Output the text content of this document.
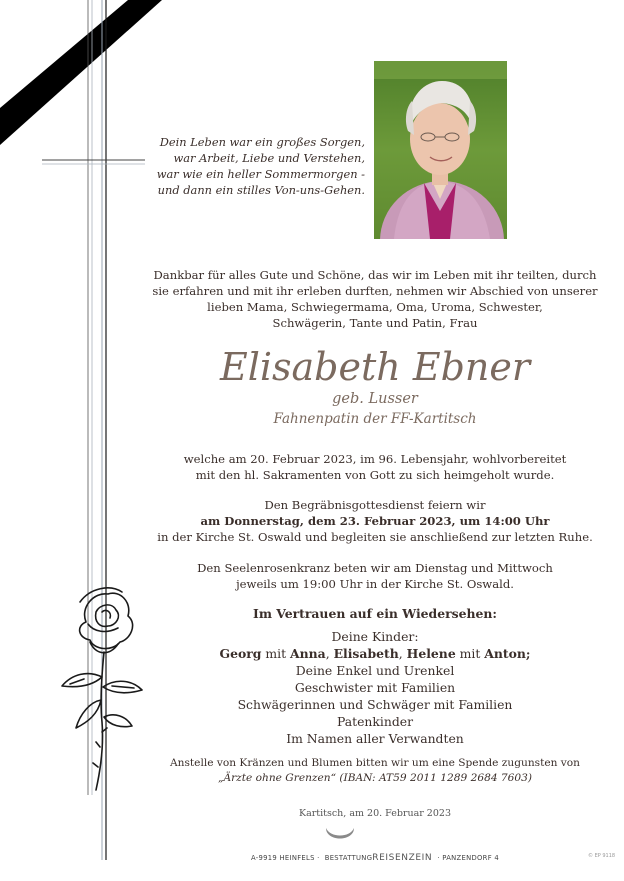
Dein Leben war ein großes Sorgen,
war Arbeit, Liebe und Verstehen,
war wie ein heller Sommermorgen -
und dann ein stilles Von-uns-Gehen.
Dankbar für alles Gute und Schöne, das wir im Leben mit ihr teilten, durch
sie erfahren und mit ihr erleben durften, nehmen wir Abschied von unserer
lieben Mama, Schwiegermama, Oma, Uroma, Schwester,
Schwägerin, Tante und Patin, Frau
Elisabeth Ebner
geb. Lusser
Fahnenpatin der FF-Kartitsch
welche am 20. Februar 2023, im 96. Lebensjahr, wohlvorbereitet
mit den hl. Sakramenten von Gott zu sich heimgeholt wurde.
Den Begräbnisgottesdienst feiern wir
am Donnerstag, dem 23. Februar 2023, um 14:00 Uhr
in der Kirche St. Oswald und begleiten sie anschließend zur letzten Ruhe.
Den Seelenrosenkranz beten wir am Dienstag und Mittwoch
jeweils um 19:00 Uhr in der Kirche St. Oswald.
Im Vertrauen auf ein Wiedersehen:
Deine Kinder:
Georg mit Anna, Elisabeth, Helene mit Anton;
Deine Enkel und Urenkel
Geschwister mit Familien
Schwägerinnen und Schwäger mit Familien
Patenkinder
Im Namen aller Verwandten
Anstelle von Kränzen und Blumen bitten wir um eine Spende zugunsten von
„Ärzte ohne Grenzen“ (IBAN: AT59 2011 1289 2684 7603)
Kartitsch, am 20. Februar 2023
A-9919 HEINFELS · BESTATTUNGREISENZEIN · PANZENDORF 4	© EP 9118
